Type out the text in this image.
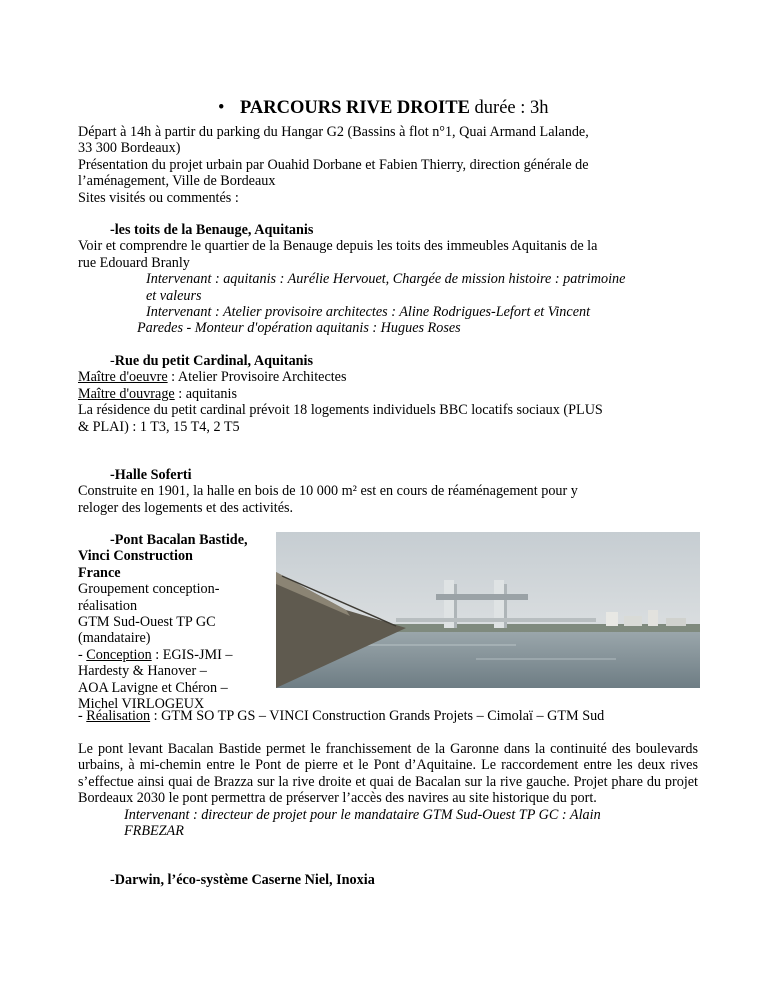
• PARCOURS RIVE DROITE durée : 3h
Départ à 14h à partir du parking du Hangar G2 (Bassins à flot n°1, Quai Armand Lalande,
33 300 Bordeaux)
Présentation du projet urbain par Ouahid Dorbane et Fabien Thierry, direction générale de
l’aménagement, Ville de Bordeaux
Sites visités ou commentés :
-les toits de la Benauge, Aquitanis
Voir et comprendre le quartier de la Benauge depuis les toits des immeubles Aquitanis de la
rue Edouard Branly
Intervenant : aquitanis : Aurélie Hervouet, Chargée de mission histoire : patrimoine
et valeurs
Intervenant : Atelier provisoire architectes : Aline Rodrigues-Lefort et Vincent
Paredes - Monteur d'opération aquitanis : Hugues Roses
-Rue du petit Cardinal, Aquitanis
Maître d'oeuvre : Atelier Provisoire Architectes
Maître d'ouvrage : aquitanis
La résidence du petit cardinal prévoit 18 logements individuels BBC locatifs sociaux (PLUS
& PLAI) : 1 T3, 15 T4, 2 T5
-Halle Soferti
Construite en 1901, la halle en bois de 10 000 m² est en cours de réaménagement pour y
reloger des logements et des activités.
-Pont Bacalan Bastide,
Vinci Construction
France
Groupement conception-
réalisation
GTM Sud-Ouest TP GC
(mandataire)
- Conception : EGIS-JMI –
Hardesty & Hanover –
AOA Lavigne et Chéron –
Michel VIRLOGEUX
- Réalisation : GTM SO TP GS – VINCI Construction Grands Projets – Cimolaï – GTM Sud
Le pont levant Bacalan Bastide permet le franchissement de la Garonne dans la continuité des boulevards urbains, à mi-chemin entre le Pont de pierre et le Pont d’Aquitaine. Le raccordement entre les deux rives s’effectue ainsi quai de Brazza sur la rive droite et quai de Bacalan sur la rive gauche. Projet phare du projet Bordeaux 2030 le pont permettra de préserver l’accès des navires au site historique du port.
Intervenant : directeur de projet pour le mandataire GTM Sud-Ouest TP GC : Alain
FRBEZAR
-Darwin, l’éco-système Caserne Niel, Inoxia
